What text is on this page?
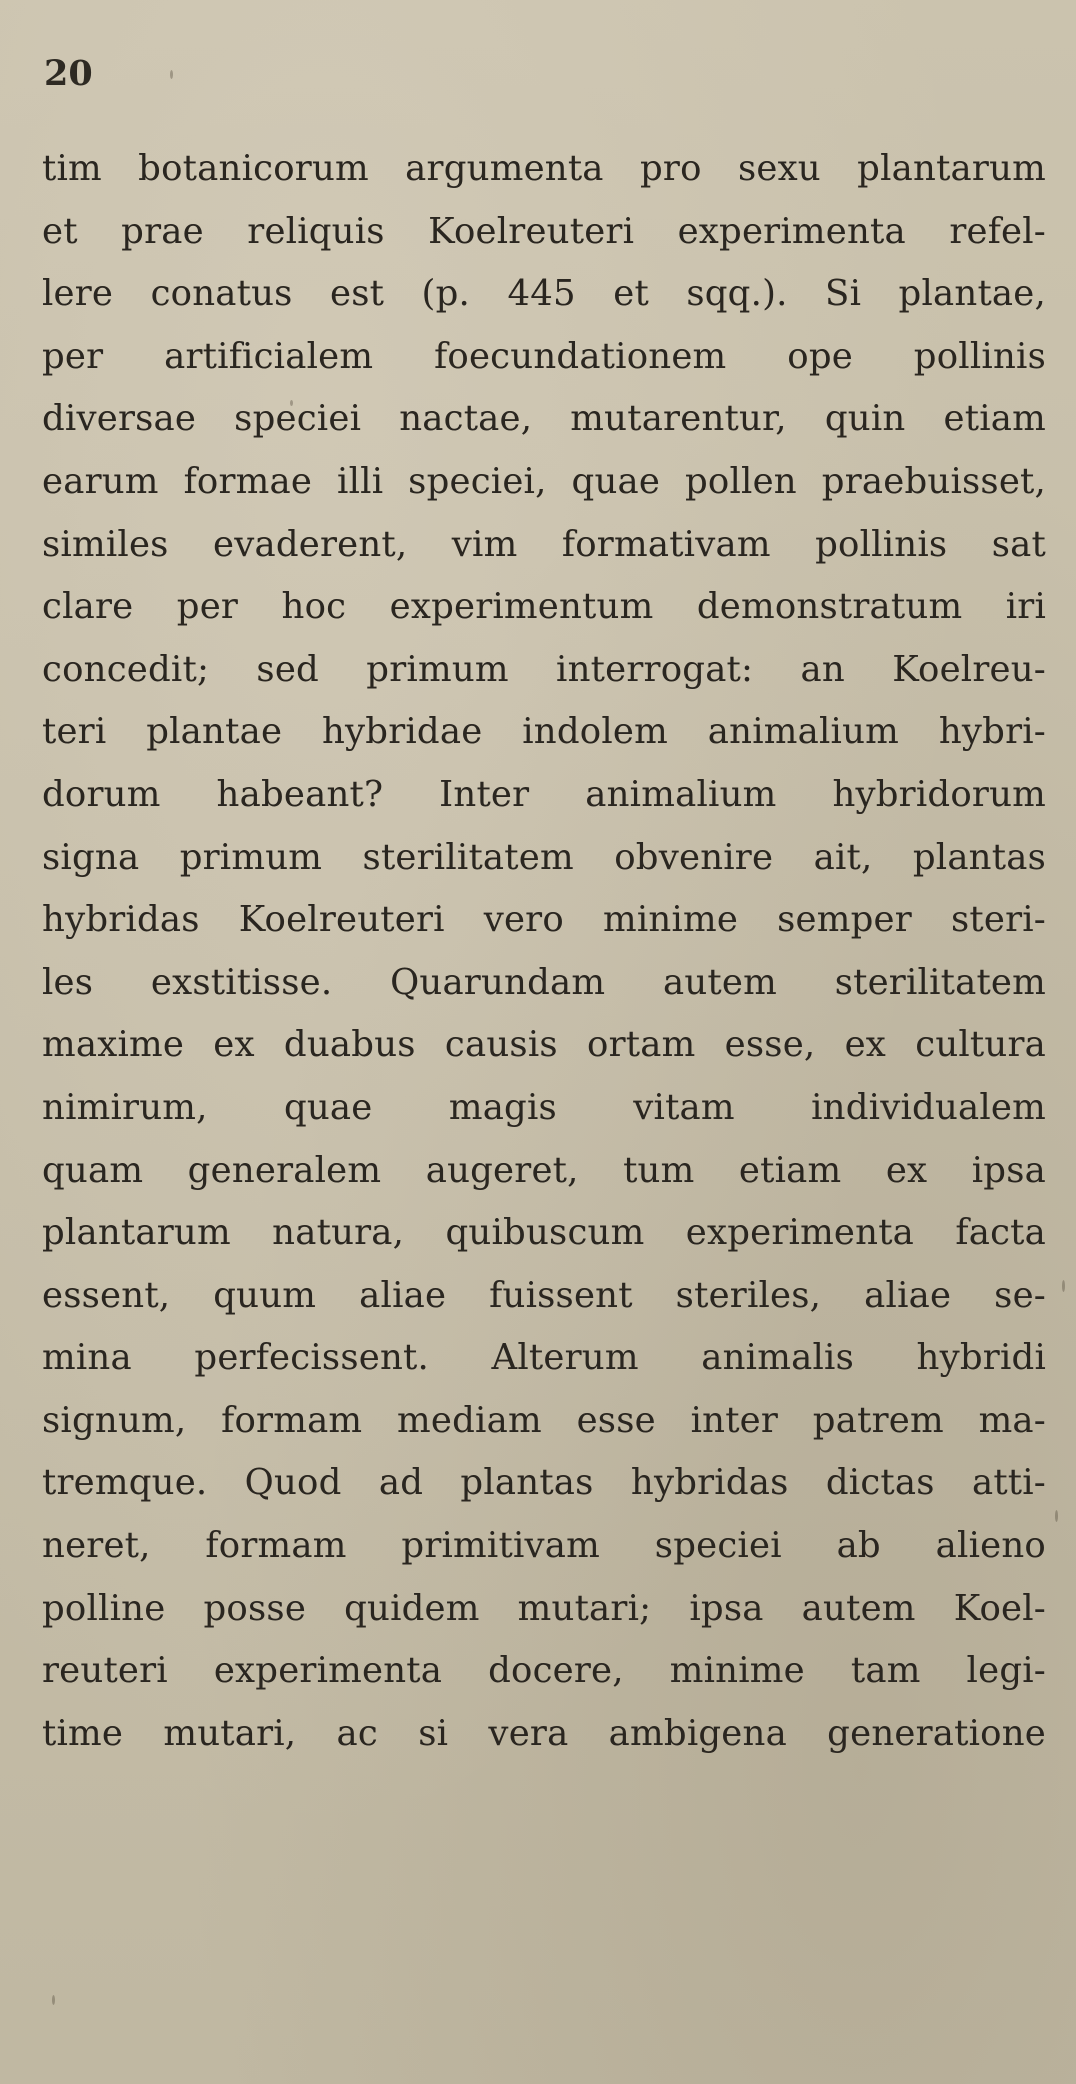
20
tim botanicorum argumenta pro sexu plantarum
et prae reliquis Koelreuteri experimenta refel-
lere conatus est (p. 445 et sqq.). Si plantae,
per artificialem foecundationem ope pollinis
diversae speciei nactae, mutarentur, quin etiam
earum formae illi speciei, quae pollen praebuisset,
similes evaderent, vim formativam pollinis sat
clare per hoc experimentum demonstratum iri
concedit; sed primum interrogat: an Koelreu-
teri plantae hybridae indolem animalium hybri-
dorum habeant? Inter animalium hybridorum
signa primum sterilitatem obvenire ait, plantas
hybridas Koelreuteri vero minime semper steri-
les exstitisse. Quarundam autem sterilitatem
maxime ex duabus causis ortam esse, ex cultura
nimirum, quae magis vitam individualem
quam generalem augeret, tum etiam ex ipsa
plantarum natura, quibuscum experimenta facta
essent, quum aliae fuissent steriles, aliae se-
mina perfecissent. Alterum animalis hybridi
signum, formam mediam esse inter patrem ma-
tremque. Quod ad plantas hybridas dictas atti-
neret, formam primitivam speciei ab alieno
polline posse quidem mutari; ipsa autem Koel-
reuteri experimenta docere, minime tam legi-
time mutari, ac si vera ambigena generatione
